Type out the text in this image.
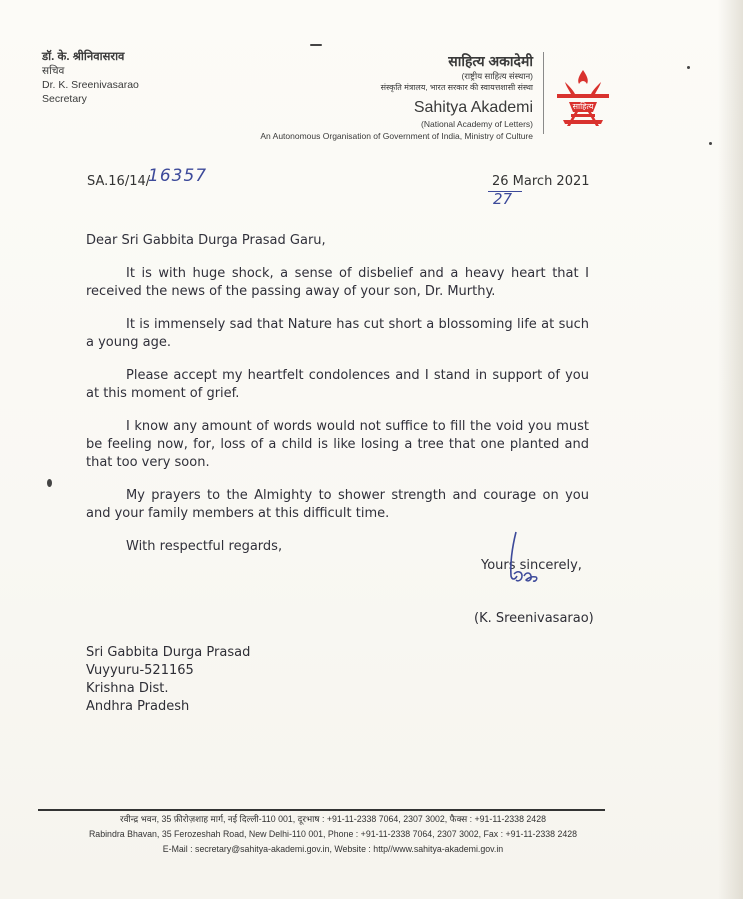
डॉ. के. श्रीनिवासराव
सचिव
Dr. K. Sreenivasarao
Secretary
साहित्य अकादेमी
(राष्ट्रीय साहित्य संस्थान)
संस्कृति मंत्रालय, भारत सरकार की स्वायत्तशासी संस्था
Sahitya Akademi
(National Academy of Letters)
An Autonomous Organisation of Government of India, Ministry of Culture
साहित्य
SA.16/14/
16357	26 March 2021
27

Dear Sri Gabbita Durga Prasad Garu,

It is with huge shock, a sense of disbelief and a heavy heart that I received the news of the passing away of your son, Dr. Murthy.

It is immensely sad that Nature has cut short a blossoming life at such a young age.

Please accept my heartfelt condolences and I stand in support of you at this moment of grief.

I know any amount of words would not suffice to fill the void you must be feeling now, for, loss of a child is like losing a tree that one planted and that too very soon.

My prayers to the Almighty to shower strength and courage on you and your family members at this difficult time.

With respectful regards,

Yours sincerely,
(K. Sreenivasarao)
Sri Gabbita Durga Prasad
Vuyyuru-521165
Krishna Dist.
Andhra Pradesh
रवीन्द्र भवन, 35 फ़ीरोज़शाह मार्ग, नई दिल्ली-110 001, दूरभाष : +91-11-2338 7064, 2307 3002, फैक्स : +91-11-2338 2428
Rabindra Bhavan, 35 Ferozeshah Road, New Delhi-110 001, Phone : +91-11-2338 7064, 2307 3002, Fax : +91-11-2338 2428
E-Mail : secretary@sahitya-akademi.gov.in, Website : http//www.sahitya-akademi.gov.in
